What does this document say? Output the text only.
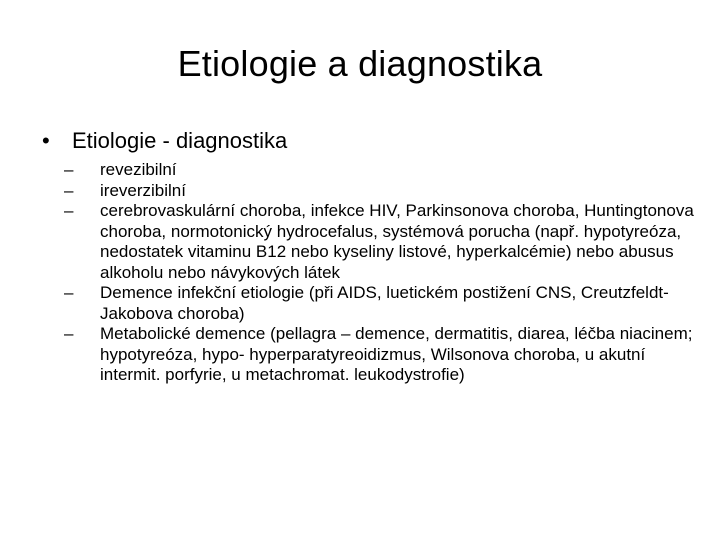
Etiologie a diagnostika
•	Etiologie - diagnostika
–	revezibilní
–	ireverzibilní
–	cerebrovaskulární choroba, infekce HIV, Parkinsonova choroba, Huntingtonova choroba, normotonický hydrocefalus, systémová porucha (např. hypotyreóza, nedostatek vitaminu B12 nebo kyseliny listové, hyperkalcémie) nebo abusus alkoholu nebo návykových látek
–	Demence infekční etiologie (při AIDS, luetickém postižení CNS, Creutzfeldt-Jakobova choroba)
–	Metabolické demence (pellagra – demence, dermatitis, diarea, léčba niacinem; hypotyreóza, hypo- hyperparatyreoidizmus, Wilsonova choroba, u akutní intermit. porfyrie, u metachromat. leukodystrofie)
